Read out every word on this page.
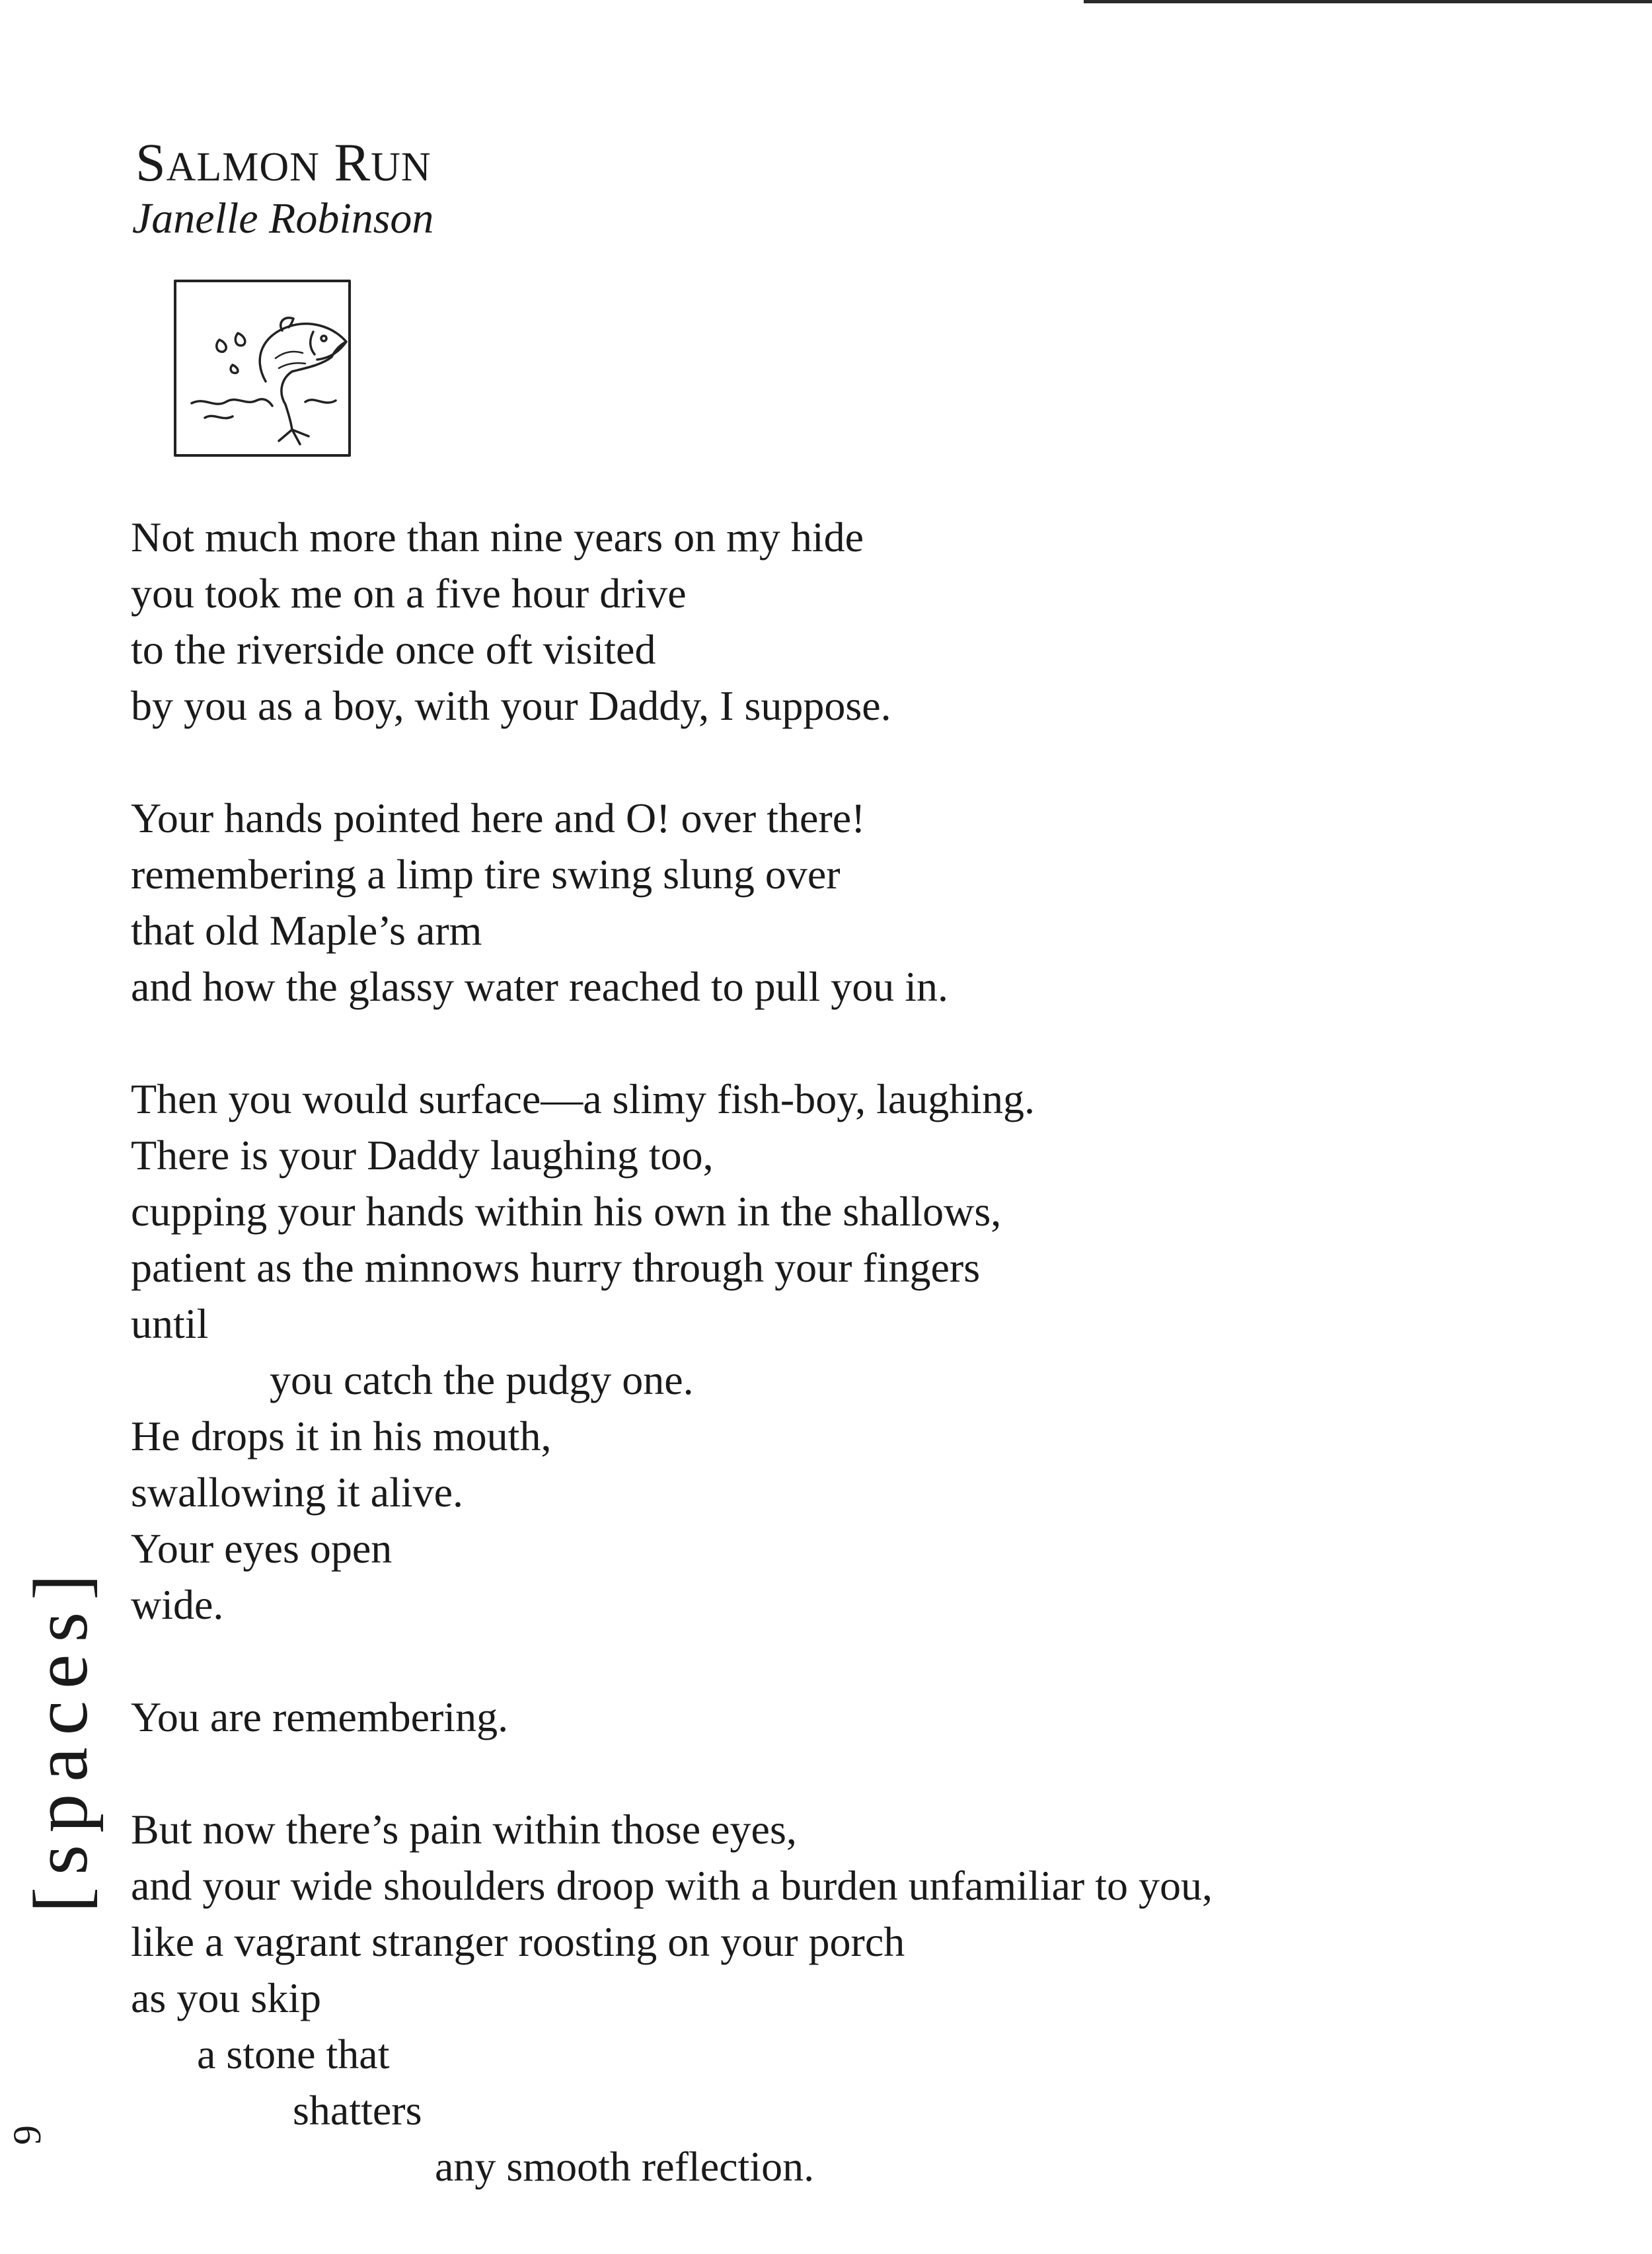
SALMON RUN
Janelle Robinson
Not much more than nine years on my hide
you took me on a five hour drive
to the riverside once oft visited
by you as a boy, with your Daddy, I suppose.
Your hands pointed here and O! over there!
remembering a limp tire swing slung over
that old Maple’s arm
and how the glassy water reached to pull you in.
Then you would surface—a slimy fish-boy, laughing.
There is your Daddy laughing too,
cupping your hands within his own in the shallows,
patient as the minnows hurry through your fingers
until
you catch the pudgy one.
He drops it in his mouth,
swallowing it alive.
Your eyes open
wide.
You are remembering.
But now there’s pain within those eyes,
and your wide shoulders droop with a burden unfamiliar to you,
like a vagrant stranger roosting on your porch
as you skip
a stone that
shatters
any smooth reflection.
[spaces]
9
